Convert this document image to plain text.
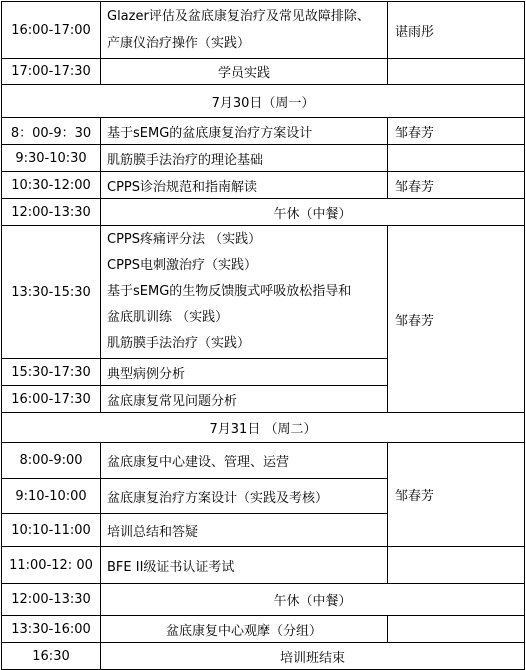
16:00-17:00	Glazer评估及盆底康复治疗及常见故障排除、产康仪治疗操作（实践）	谌雨彤
17:00-17:30	学员实践	
7月30日（周一）		
8：00-9：30	基于sEMG的盆底康复治疗方案设计	邹春芳
9:30-10:30	肌筋膜手法治疗的理论基础	
10:30-12:00	CPPS诊治规范和指南解读	邹春芳
12:00-13:30	午休（中餐）	
13:30-15:30	CPPS疼痛评分法 （实践）
CPPS电刺激治疗（实践）
基于sEMG的生物反馈腹式呼吸放松指导和
盆底肌训练 （实践）
肌筋膜手法治疗（实践）	邹春芳
15:30-17:30	典型病例分析	
16:00-17:30	盆底康复常见问题分析	
7月31日 （周二）		
8:00-9:00	盆底康复中心建设、管理、运营	邹春芳
9:10-10:00	盆底康复治疗方案设计（实践及考核）	
10:10-11:00	培训总结和答疑	
11:00-12: 00	BFE II级证书认证考试	
12:00-13:30	午休（中餐）	
13:30-16:00	盆底康复中心观摩（分组）	
16:30	培训班结束	
